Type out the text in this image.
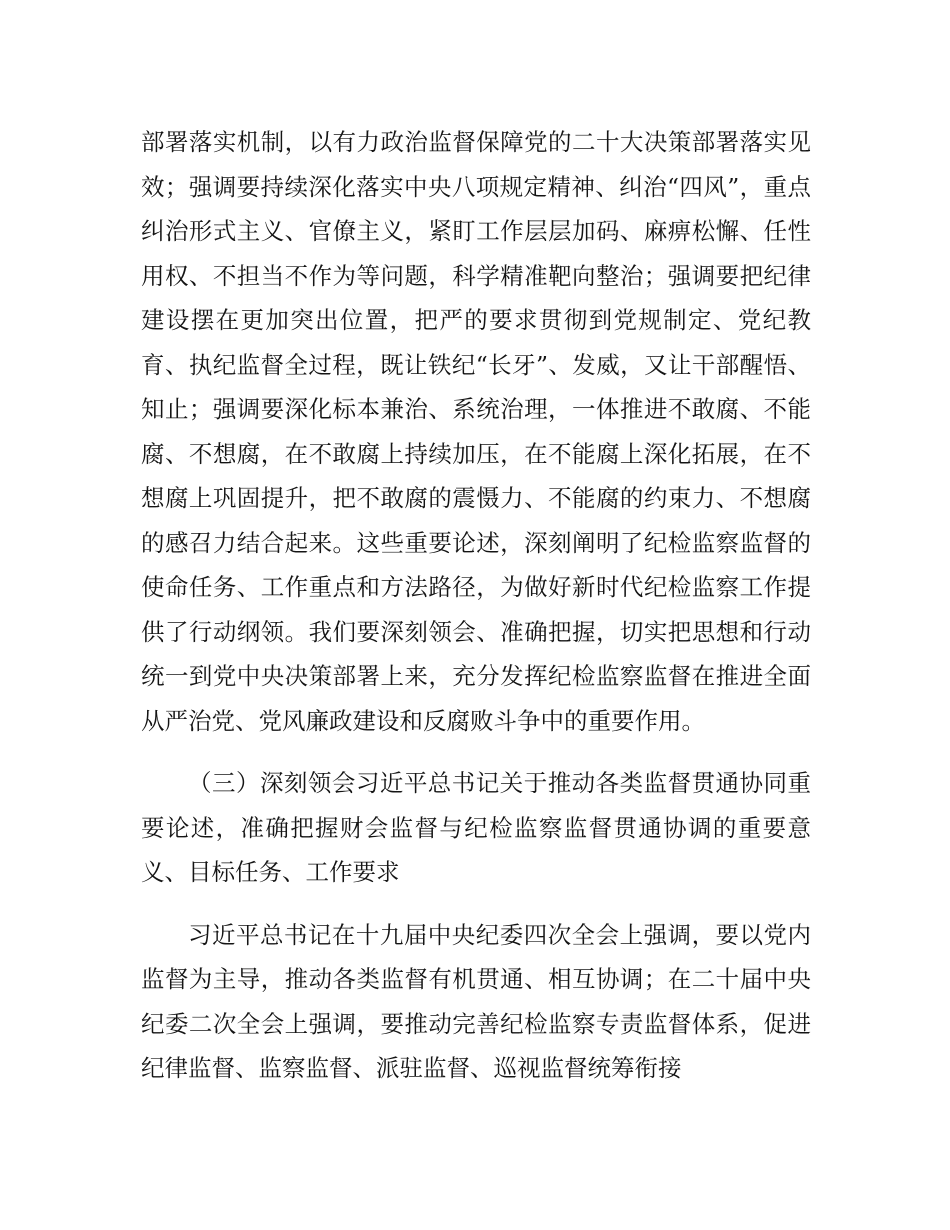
部署落实机制，以有力政治监督保障党的二十大决策部署落实见效；强调要持续深化落实中央八项规定精神、纠治“四风”，重点纠治形式主义、官僚主义，紧盯工作层层加码、麻痹松懈、任性用权、不担当不作为等问题，科学精准靶向整治；强调要把纪律建设摆在更加突出位置，把严的要求贯彻到党规制定、党纪教育、执纪监督全过程，既让铁纪“长牙”、发威，又让干部醒悟、知止；强调要深化标本兼治、系统治理，一体推进不敢腐、不能腐、不想腐，在不敢腐上持续加压，在不能腐上深化拓展，在不想腐上巩固提升，把不敢腐的震慑力、不能腐的约束力、不想腐的感召力结合起来。这些重要论述，深刻阐明了纪检监察监督的使命任务、工作重点和方法路径，为做好新时代纪检监察工作提供了行动纲领。我们要深刻领会、准确把握，切实把思想和行动统一到党中央决策部署上来，充分发挥纪检监察监督在推进全面从严治党、党风廉政建设和反腐败斗争中的重要作用。

（三）深刻领会习近平总书记关于推动各类监督贯通协同重要论述，准确把握财会监督与纪检监察监督贯通协调的重要意义、目标任务、工作要求

习近平总书记在十九届中央纪委四次全会上强调，要以党内监督为主导，推动各类监督有机贯通、相互协调；在二十届中央纪委二次全会上强调，要推动完善纪检监察专责监督体系，促进纪律监督、监察监督、派驻监督、巡视监督统筹衔接
